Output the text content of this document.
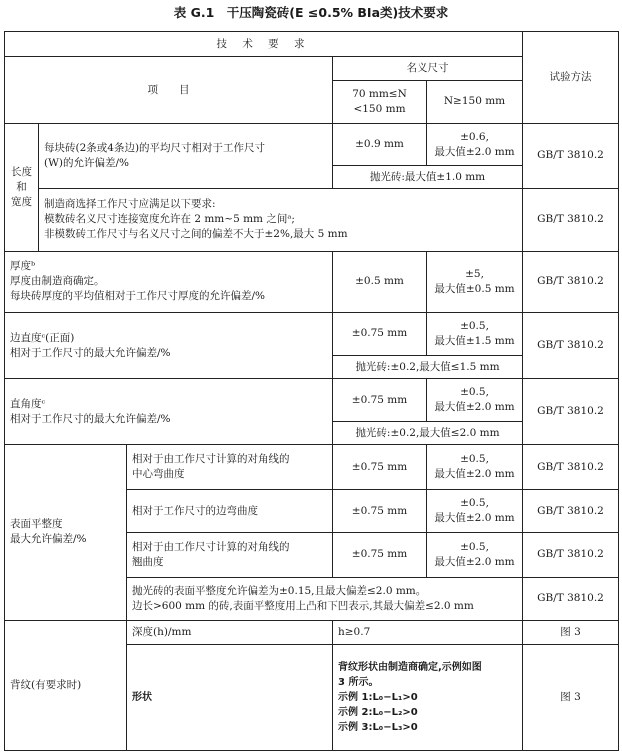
表 G.1　干压陶瓷砖(E ≤0.5% BⅠa类)技术要求
技 术 要 求					试验方法
项　　目			名义尺寸		

			70 mm≤N
<150 mm	N≥150 mm	

长度
和
宽度	每块砖(2条或4条边)的平均尺寸相对于工作尺寸
(W)的允许偏差/%		±0.9 mm	±0.6,
最大值±2.0 mm	GB/T 3810.2
			抛光砖:最大值±1.0 mm		

	制造商选择工作尺寸应满足以下要求:
模数砖名义尺寸连接宽度允许在 2 mm~5 mm 之间ᵃ;
非模数砖工作尺寸与名义尺寸之间的偏差不大于±2%,最大 5 mm				GB/T 3810.2

厚度ᵇ
厚度由制造商确定。
每块砖厚度的平均值相对于工作尺寸厚度的允许偏差/%			±0.5 mm	±5,
最大值±0.5 mm	GB/T 3810.2

边直度ᶜ(正面)
相对于工作尺寸的最大允许偏差/%			±0.75 mm	±0.5,
最大值±1.5 mm	GB/T 3810.2
			抛光砖:±0.2,最大值≤1.5 mm		

直角度ᶜ
相对于工作尺寸的最大允许偏差/%			±0.75 mm	±0.5,
最大值±2.0 mm	GB/T 3810.2
			抛光砖:±0.2,最大值≤2.0 mm		

表面平整度
最大允许偏差/%		相对于由工作尺寸计算的对角线的
中心弯曲度	±0.75 mm	±0.5,
最大值±2.0 mm	GB/T 3810.2
		相对于工作尺寸的边弯曲度	±0.75 mm	±0.5,
最大值±2.0 mm	GB/T 3810.2

		相对于由工作尺寸计算的对角线的
翘曲度	±0.75 mm	±0.5,
最大值±2.0 mm	GB/T 3810.2

		抛光砖的表面平整度允许偏差为±0.15,且最大偏差≤2.0 mm。
边长>600 mm 的砖,表面平整度用上凸和下凹表示,其最大偏差≤2.0 mm			GB/T 3810.2
背纹(有要求时)		深度(h)/mm	h≥0.7		图 3
		形状	背纹形状由制造商确定,示例如图
3 所示。
示例 1:L₀−L₁>0
示例 2:L₀−L₂>0
示例 3:L₀−L₃>0		图 3
